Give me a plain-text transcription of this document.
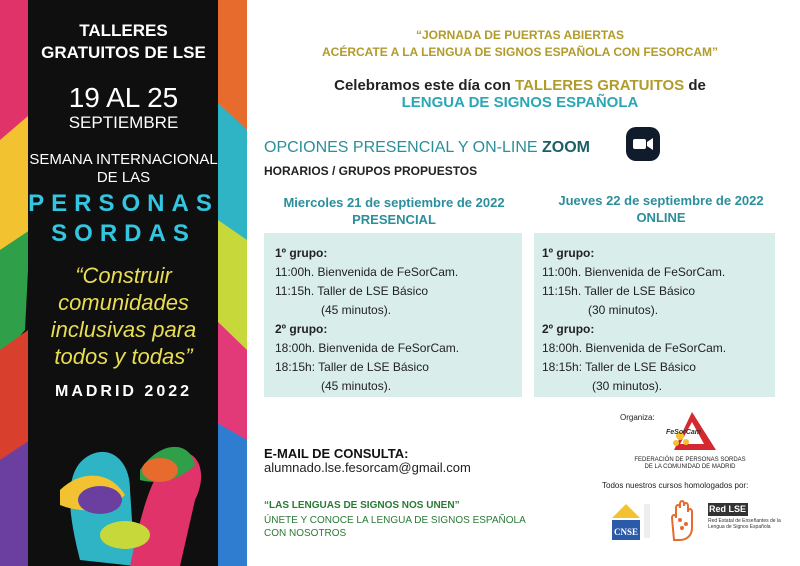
TALLERES
GRATUITOS DE LSE
19 AL 25
SEPTIEMBRE
SEMANA INTERNACIONAL
DE LAS
PERSONAS
SORDAS
“Construir
comunidades
inclusivas para
todos y todas”
MADRID 2022
“JORNADA DE PUERTAS ABIERTAS
ACÉRCATE A LA LENGUA DE SIGNOS ESPAÑOLA CON FESORCAM”
Celebramos este día con TALLERES GRATUITOS de
LENGUA DE SIGNOS ESPAÑOLA
OPCIONES PRESENCIAL Y ON-LINE ZOOM
HORARIOS / GRUPOS PROPUESTOS
Miercoles 21 de septiembre de 2022
PRESENCIAL
Jueves 22 de septiembre de 2022
ONLINE
1º grupo:
11:00h. Bienvenida de FeSorCam.
11:15h. Taller de LSE Básico
(45 minutos).
2º grupo:
18:00h. Bienvenida de FeSorCam.
18:15h: Taller de LSE Básico
(45 minutos).
1º grupo:
11:00h. Bienvenida de FeSorCam.
11:15h. Taller de LSE Básico
(30 minutos).
2º grupo:
18:00h. Bienvenida de FeSorCam.
18:15h: Taller de LSE Básico
(30 minutos).
E-MAIL DE CONSULTA:
alumnado.lse.fesorcam@gmail.com
“LAS LENGUAS DE SIGNOS NOS UNEN”
ÚNETE Y CONOCE LA LENGUA DE SIGNOS ESPAÑOLA
CON NOSOTROS
Organiza:
FeSorCam
FEDERACIÓN DE PERSONAS SORDAS
DE LA COMUNIDAD DE MADRID
Todos nuestros cursos homologados por:
CNSE
Red LSE
Red Estatal de Enseñantes de la Lengua de Signos Española
